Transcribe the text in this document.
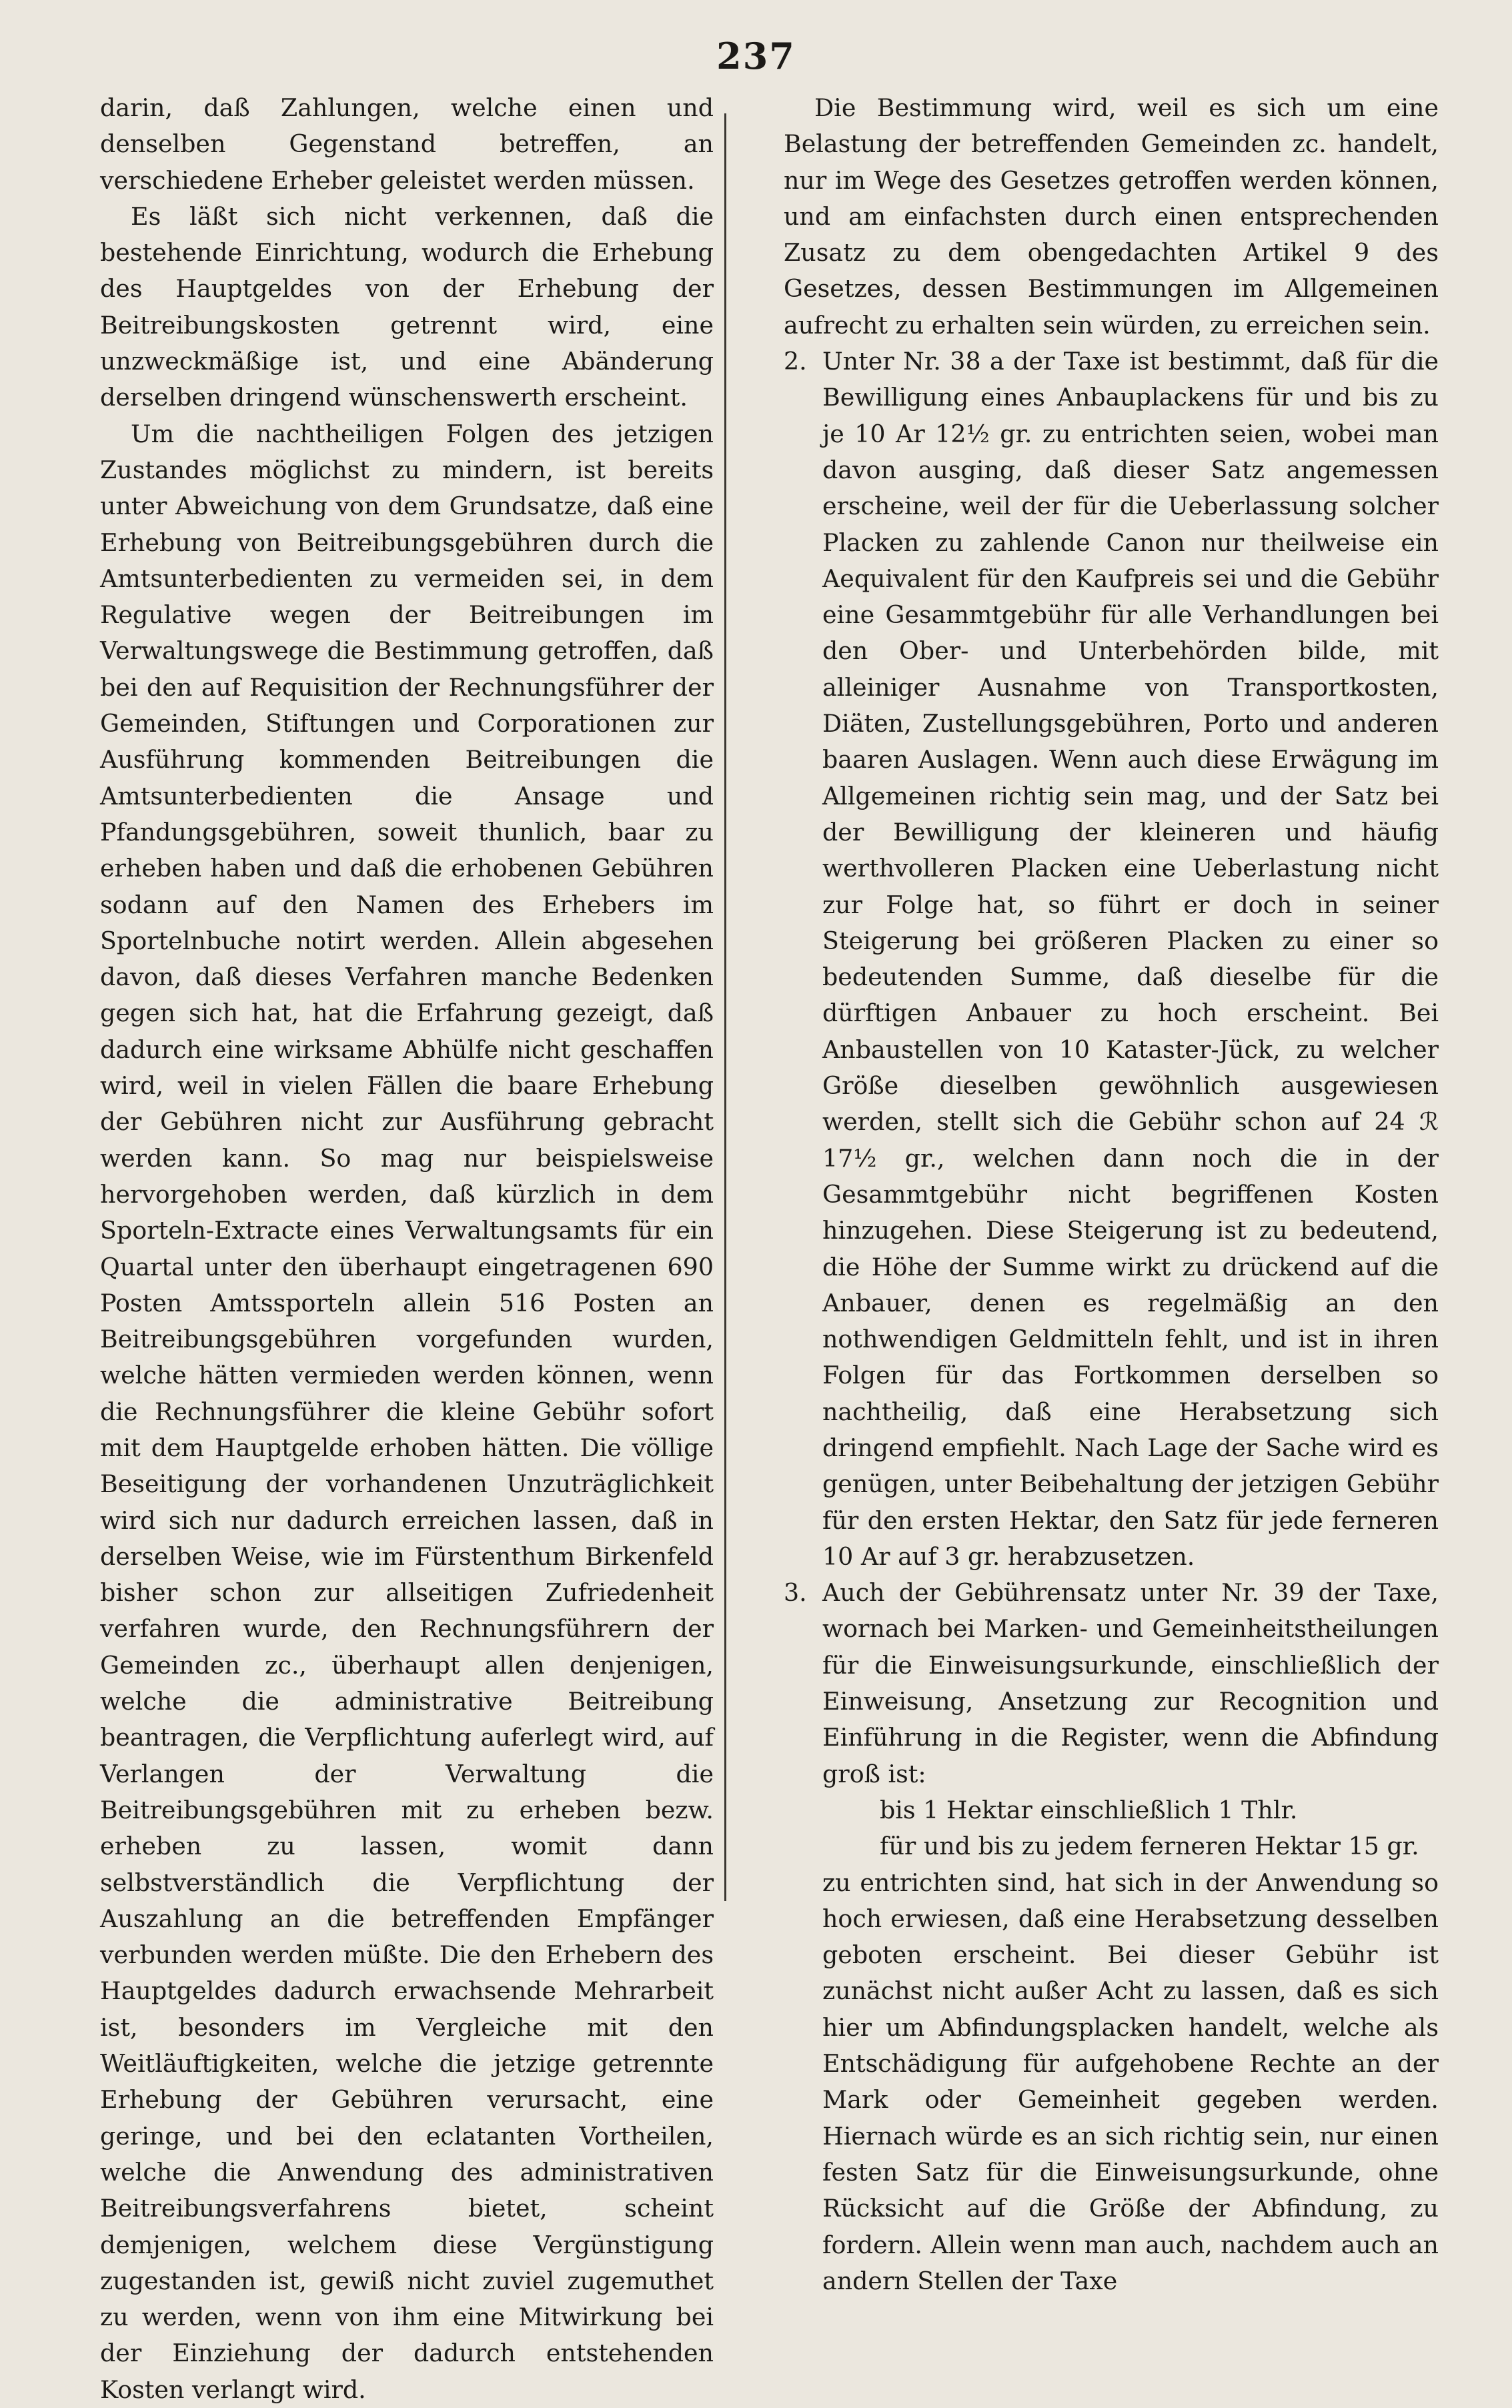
237

darin, daß Zahlungen, welche einen und denselben Gegenstand betreffen, an verschiedene Erheber geleistet werden müssen.

Es läßt sich nicht verkennen, daß die bestehende Einrichtung, wodurch die Erhebung des Hauptgeldes von der Erhebung der Beitreibungskosten getrennt wird, eine unzweckmäßige ist, und eine Abänderung derselben dringend wünschenswerth erscheint.

Um die nachtheiligen Folgen des jetzigen Zustandes möglichst zu mindern, ist bereits unter Abweichung von dem Grundsatze, daß eine Erhebung von Beitreibungsgebühren durch die Amtsunterbedienten zu vermeiden sei, in dem Regulative wegen der Beitreibungen im Verwaltungswege die Bestimmung getroffen, daß bei den auf Requisition der Rechnungsführer der Gemeinden, Stiftungen und Corporationen zur Ausführung kommenden Beitreibungen die Amtsunterbedienten die Ansage und Pfandungsgebühren, soweit thunlich, baar zu erheben haben und daß die erhobenen Gebühren sodann auf den Namen des Erhebers im Sportelnbuche notirt werden. Allein abgesehen davon, daß dieses Verfahren manche Bedenken gegen sich hat, hat die Erfahrung gezeigt, daß dadurch eine wirksame Abhülfe nicht geschaffen wird, weil in vielen Fällen die baare Erhebung der Gebühren nicht zur Ausführung gebracht werden kann. So mag nur beispielsweise hervorgehoben werden, daß kürzlich in dem Sporteln-Extracte eines Verwaltungsamts für ein Quartal unter den überhaupt eingetragenen 690 Posten Amtssporteln allein 516 Posten an Beitreibungsgebühren vorgefunden wurden, welche hätten vermieden werden können, wenn die Rechnungsführer die kleine Gebühr sofort mit dem Hauptgelde erhoben hätten. Die völlige Beseitigung der vorhandenen Unzuträglichkeit wird sich nur dadurch erreichen lassen, daß in derselben Weise, wie im Fürstenthum Birkenfeld bisher schon zur allseitigen Zufriedenheit verfahren wurde, den Rechnungsführern der Gemeinden zc., überhaupt allen denjenigen, welche die administrative Beitreibung beantragen, die Verpflichtung auferlegt wird, auf Verlangen der Verwaltung die Beitreibungsgebühren mit zu erheben bezw. erheben zu lassen, womit dann selbstverständlich die Verpflichtung der Auszahlung an die betreffenden Empfänger verbunden werden müßte. Die den Erhebern des Hauptgeldes dadurch erwachsende Mehrarbeit ist, besonders im Vergleiche mit den Weitläuftigkeiten, welche die jetzige getrennte Erhebung der Gebühren verursacht, eine geringe, und bei den eclatanten Vortheilen, welche die Anwendung des administrativen Beitreibungsverfahrens bietet, scheint demjenigen, welchem diese Vergünstigung zugestanden ist, gewiß nicht zuviel zugemuthet zu werden, wenn von ihm eine Mitwirkung bei der Einziehung der dadurch entstehenden Kosten verlangt wird.

Die Bestimmung wird, weil es sich um eine Belastung der betreffenden Gemeinden zc. handelt, nur im Wege des Gesetzes getroffen werden können, und am einfachsten durch einen entsprechenden Zusatz zu dem obengedachten Artikel 9 des Gesetzes, dessen Bestimmungen im Allgemeinen aufrecht zu erhalten sein würden, zu erreichen sein.

2. Unter Nr. 38 a der Taxe ist bestimmt, daß für die Bewilligung eines Anbauplackens für und bis zu je 10 Ar 12½ gr. zu entrichten seien, wobei man davon ausging, daß dieser Satz angemessen erscheine, weil der für die Ueberlassung solcher Placken zu zahlende Canon nur theilweise ein Aequivalent für den Kaufpreis sei und die Gebühr eine Gesammtgebühr für alle Verhandlungen bei den Ober- und Unterbehörden bilde, mit alleiniger Ausnahme von Transportkosten, Diäten, Zustellungsgebühren, Porto und anderen baaren Auslagen. Wenn auch diese Erwägung im Allgemeinen richtig sein mag, und der Satz bei der Bewilligung der kleineren und häufig werthvolleren Placken eine Ueberlastung nicht zur Folge hat, so führt er doch in seiner Steigerung bei größeren Placken zu einer so bedeutenden Summe, daß dieselbe für die dürftigen Anbauer zu hoch erscheint. Bei Anbaustellen von 10 Kataster-Jück, zu welcher Größe dieselben gewöhnlich ausgewiesen werden, stellt sich die Gebühr schon auf 24 ℛ 17½ gr., welchen dann noch die in der Gesammtgebühr nicht begriffenen Kosten hinzugehen. Diese Steigerung ist zu bedeutend, die Höhe der Summe wirkt zu drückend auf die Anbauer, denen es regelmäßig an den nothwendigen Geldmitteln fehlt, und ist in ihren Folgen für das Fortkommen derselben so nachtheilig, daß eine Herabsetzung sich dringend empfiehlt. Nach Lage der Sache wird es genügen, unter Beibehaltung der jetzigen Gebühr für den ersten Hektar, den Satz für jede ferneren 10 Ar auf 3 gr. herabzusetzen.

3. Auch der Gebührensatz unter Nr. 39 der Taxe, wornach bei Marken- und Gemeinheitstheilungen für die Einweisungsurkunde, einschließlich der Einweisung, Ansetzung zur Recognition und Einführung in die Register, wenn die Abfindung groß ist:

bis 1 Hektar einschließlich 1 Thlr.

für und bis zu jedem ferneren Hektar 15 gr.

zu entrichten sind, hat sich in der Anwendung so hoch erwiesen, daß eine Herabsetzung desselben geboten erscheint. Bei dieser Gebühr ist zunächst nicht außer Acht zu lassen, daß es sich hier um Abfindungsplacken handelt, welche als Entschädigung für aufgehobene Rechte an der Mark oder Gemeinheit gegeben werden. Hiernach würde es an sich richtig sein, nur einen festen Satz für die Einweisungsurkunde, ohne Rücksicht auf die Größe der Abfindung, zu fordern. Allein wenn man auch, nachdem auch an andern Stellen der Taxe
